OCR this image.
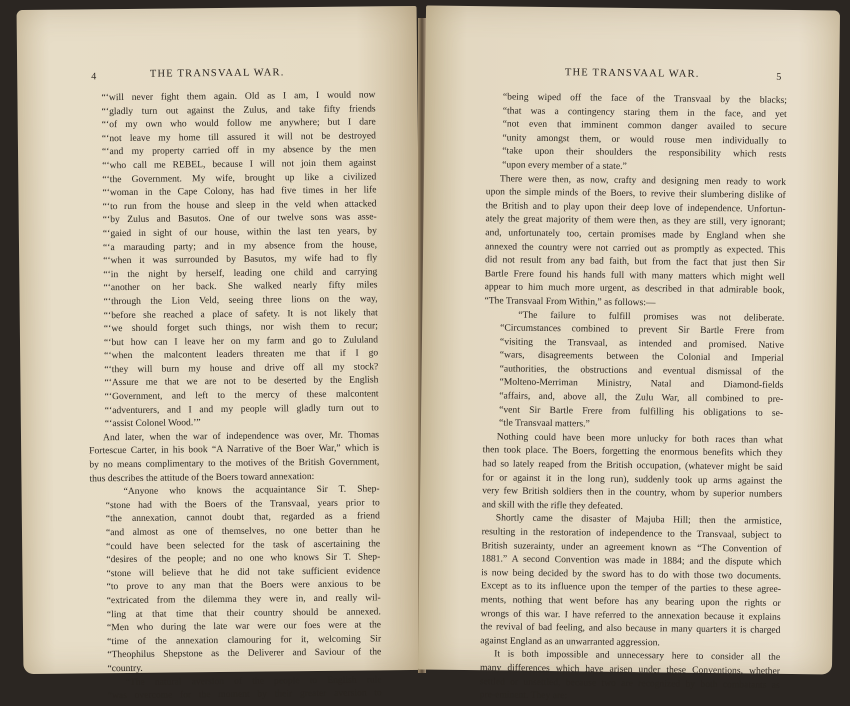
4	THE TRANSVAAL WAR.
“‘will never fight them again. Old as I am, I would now
“‘gladly turn out against the Zulus, and take fifty friends
“‘of my own who would follow me anywhere; but I dare
“‘not leave my home till assured it will not be destroyed
“‘and my property carried off in my absence by the men
“‘who call me REBEL, because I will not join them against
“‘the Government. My wife, brought up like a civilized
“‘woman in the Cape Colony, has had five times in her life
“‘to run from the house and sleep in the veld when attacked
“‘by Zulus and Basutos. One of our twelve sons was asse-
“‘gaied in sight of our house, within the last ten years, by
“‘a marauding party; and in my absence from the house,
“‘when it was surrounded by Basutos, my wife had to fly
“‘in the night by herself, leading one child and carrying
“‘another on her back. She walked nearly fifty miles
“‘through the Lion Veld, seeing three lions on the way,
“‘before she reached a place of safety. It is not likely that
“‘we should forget such things, nor wish them to recur;
“‘but how can I leave her on my farm and go to Zululand
“‘when the malcontent leaders threaten me that if I go
“‘they will burn my house and drive off all my stock?
“‘Assure me that we are not to be deserted by the English
“‘Government, and left to the mercy of these malcontent
“‘adventurers, and I and my people will gladly turn out to
“‘assist Colonel Wood.’”
And later, when the war of independence was over, Mr. Thomas
Fortescue Carter, in his book “A Narrative of the Boer War,” which is
by no means complimentary to the motives of the British Government,
thus describes the attitude of the Boers toward annexation:
“Anyone who knows the acquaintance Sir T. Shep-
“stone had with the Boers of the Transvaal, years prior to
“the annexation, cannot doubt that, regarded as a friend
“and almost as one of themselves, no one better than he
“could have been selected for the task of ascertaining the
“desires of the people; and no one who knows Sir T. Shep-
“stone will believe that he did not take sufficient evidence
“to prove to any man that the Boers were anxious to be
“extricated from the dilemma they were in, and really wil-
“ling at that time that their country should be annexed.
“Men who during the late war were our foes were at the
“time of the annexation clamouring for it, welcoming Sir
“Theophilus Shepstone as the Deliverer and Saviour of the
“country.
“The natural aversion of the people to English rule
“was overcome for the moment by their greater aversion to
THE TRANSVAAL WAR.	5
“being wiped off the face of the Transvaal by the blacks;
“that was a contingency staring them in the face, and yet
“not even that imminent common danger availed to secure
“unity amongst them, or would rouse men individually to
“take upon their shoulders the responsibility which rests
“upon every member of a state.”
There were then, as now, crafty and designing men ready to work
upon the simple minds of the Boers, to revive their slumbering dislike of
the British and to play upon their deep love of independence. Unfortun-
ately the great majority of them were then, as they are still, very ignorant;
and, unfortunately too, certain promises made by England when she
annexed the country were not carried out as promptly as expected. This
did not result from any bad faith, but from the fact that just then Sir
Bartle Frere found his hands full with many matters which might well
appear to him much more urgent, as described in that admirable book,
“The Transvaal From Within,” as follows:—
“The failure to fulfill promises was not deliberate.
“Circumstances combined to prevent Sir Bartle Frere from
“visiting the Transvaal, as intended and promised. Native
“wars, disagreements between the Colonial and Imperial
“authorities, the obstructions and eventual dismissal of the
“Molteno-Merriman Ministry, Natal and Diamond-fields
“affairs, and, above all, the Zulu War, all combined to pre-
“vent Sir Bartle Frere from fulfilling his obligations to se-
“tle Transvaal matters.”
Nothing could have been more unlucky for both races than what
then took place. The Boers, forgetting the enormous benefits which they
had so lately reaped from the British occupation, (whatever might be said
for or against it in the long run), suddenly took up arms against the
very few British soldiers then in the country, whom by superior numbers
and skill with the rifle they defeated.
Shortly came the disaster of Majuba Hill; then the armistice,
resulting in the restoration of independence to the Transvaal, subject to
British suzerainty, under an agreement known as “The Convention of
1881.” A second Convention was made in 1884; and the dispute which
is now being decided by the sword has to do with those two documents.
Except as to its influence upon the temper of the parties to these agree-
ments, nothing that went before has any bearing upon the rights or
wrongs of this war. I have referred to the annexation because it explains
the revival of bad feeling, and also because in many quarters it is charged
against England as an unwarranted aggression.
It is both impossible and unnecessary here to consider all the
many differences which have arisen under these Conventions, whether
settled or unsettled, because two are recognized by both combatants as
pre-eminent. They are:
